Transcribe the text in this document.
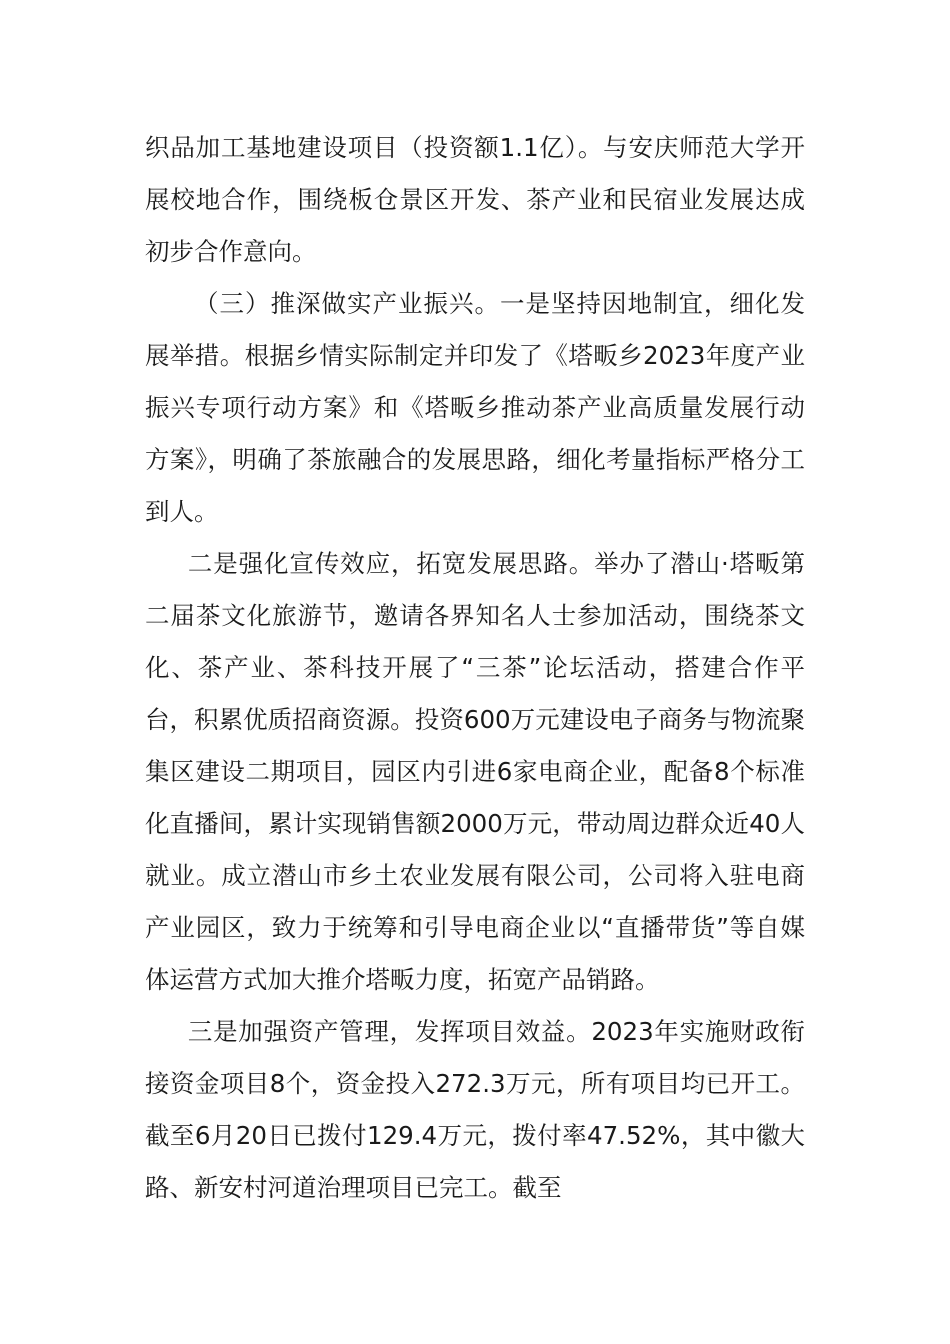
织品加工基地建设项目（投资额1.1亿）。与安庆师范大学开展校地合作，围绕板仓景区开发、茶产业和民宿业发展达成初步合作意向。

（三）推深做实产业振兴。一是坚持因地制宜，细化发展举措。根据乡情实际制定并印发了《塔畈乡2023年度产业振兴专项行动方案》和《塔畈乡推动茶产业高质量发展行动方案》，明确了茶旅融合的发展思路，细化考量指标严格分工到人。

二是强化宣传效应，拓宽发展思路。举办了潜山·塔畈第二届茶文化旅游节，邀请各界知名人士参加活动，围绕茶文化、茶产业、茶科技开展了“三茶”论坛活动，搭建合作平台，积累优质招商资源。投资600万元建设电子商务与物流聚集区建设二期项目，园区内引进6家电商企业，配备8个标准化直播间，累计实现销售额2000万元，带动周边群众近40人就业。成立潜山市乡土农业发展有限公司，公司将入驻电商产业园区，致力于统筹和引导电商企业以“直播带货”等自媒体运营方式加大推介塔畈力度，拓宽产品销路。

三是加强资产管理，发挥项目效益。2023年实施财政衔接资金项目8个，资金投入272.3万元，所有项目均已开工。截至6月20日已拨付129.4万元，拨付率47.52%，其中徽大路、新安村河道治理项目已完工。截至
